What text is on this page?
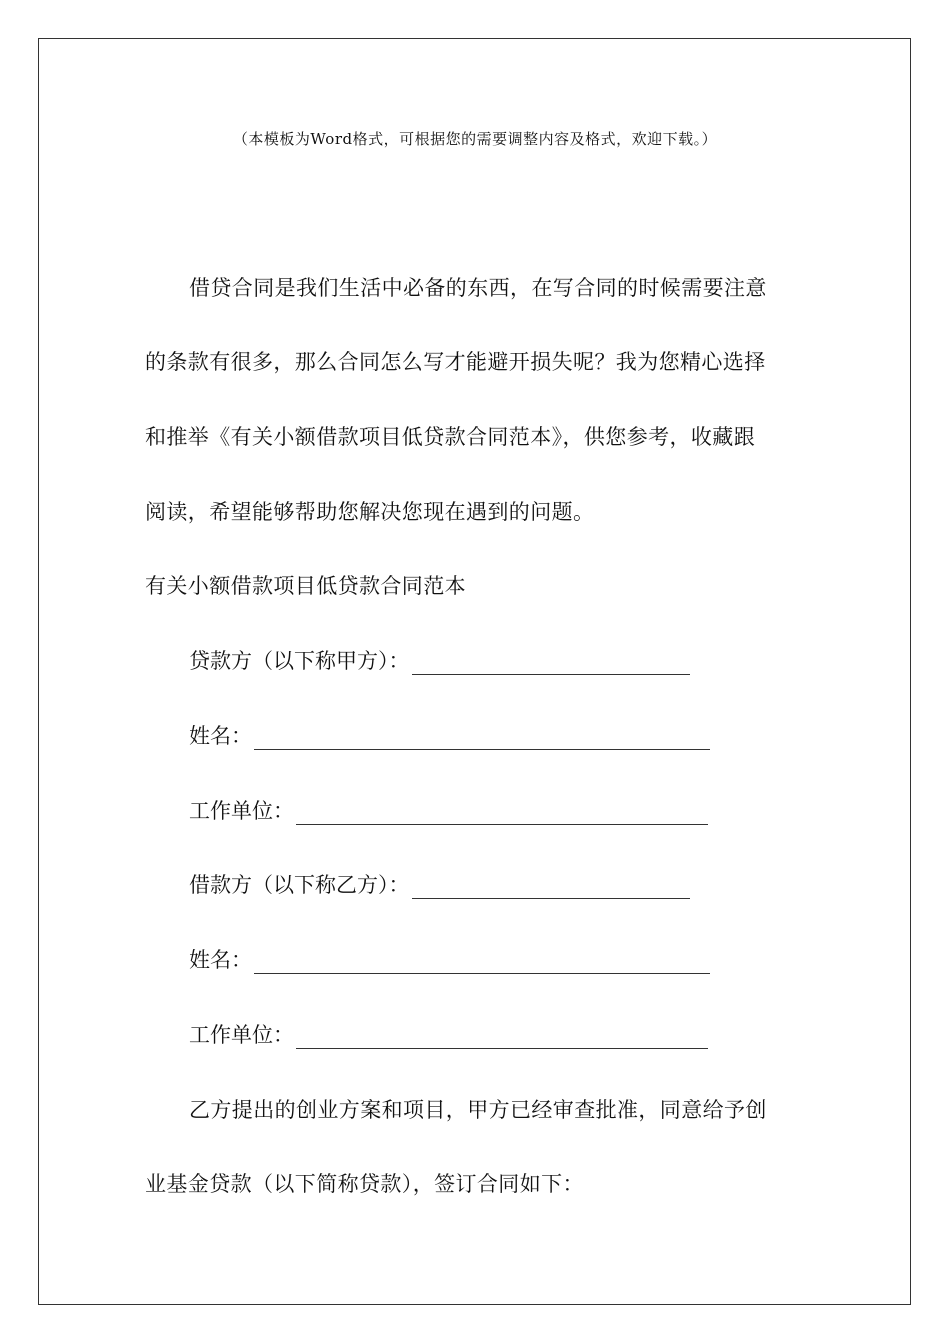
（本模板为Word格式，可根据您的需要调整内容及格式，欢迎下载。）
借贷合同是我们生活中必备的东西，在写合同的时候需要注意
的条款有很多，那么合同怎么写才能避开损失呢？我为您精心选择
和推举《有关小额借款项目低贷款合同范本》，供您参考，收藏跟
阅读，希望能够帮助您解决您现在遇到的问题。
有关小额借款项目低贷款合同范本
贷款方（以下称甲方）：
姓名：
工作单位：
借款方（以下称乙方）：
姓名：
工作单位：
乙方提出的创业方案和项目，甲方已经审查批准，同意给予创
业基金贷款（以下简称贷款），签订合同如下：
